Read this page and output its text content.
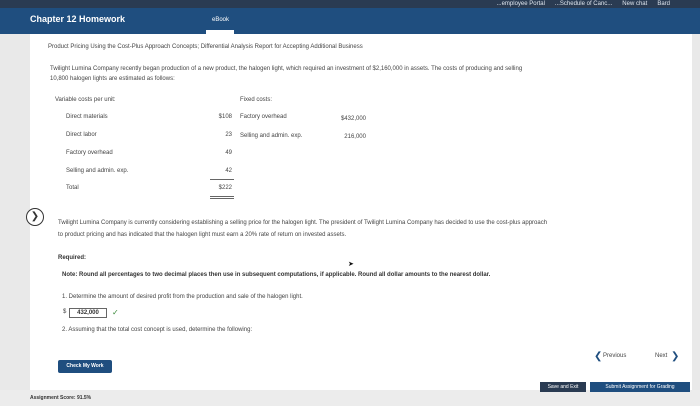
...employee Portal ...Schedule of Canc... New chat Bard
Chapter 12 Homework	eBook
Product Pricing Using the Cost-Plus Approach Concepts; Differential Analysis Report for Accepting Additional Business
Twilight Lumina Company recently began production of a new product, the halogen light, which required an investment of $2,160,000 in assets. The costs of producing and selling
10,800 halogen lights are estimated as follows:
Variable costs per unit:	Fixed costs:
Direct materials	$108 Factory overhead	$432,000
Direct labor	23 Selling and admin. exp.	216,000
Factory overhead	49
Selling and admin. exp.	42
Total	$222
❯
Twilight Lumina Company is currently considering establishing a selling price for the halogen light. The president of Twilight Lumina Company has decided to use the cost-plus approach
to product pricing and has indicated that the halogen light must earn a 20% rate of return on invested assets.
Required:
➤
Note: Round all percentages to two decimal places then use in subsequent computations, if applicable. Round all dollar amounts to the nearest dollar.
1. Determine the amount of desired profit from the production and sale of the halogen light.
$	432,000	✓
2. Assuming that the total cost concept is used, determine the following:
Check My Work
❮ Previous	Next ❯
Save and Exit	Submit Assignment for Grading
Assignment Score: 91.5%
